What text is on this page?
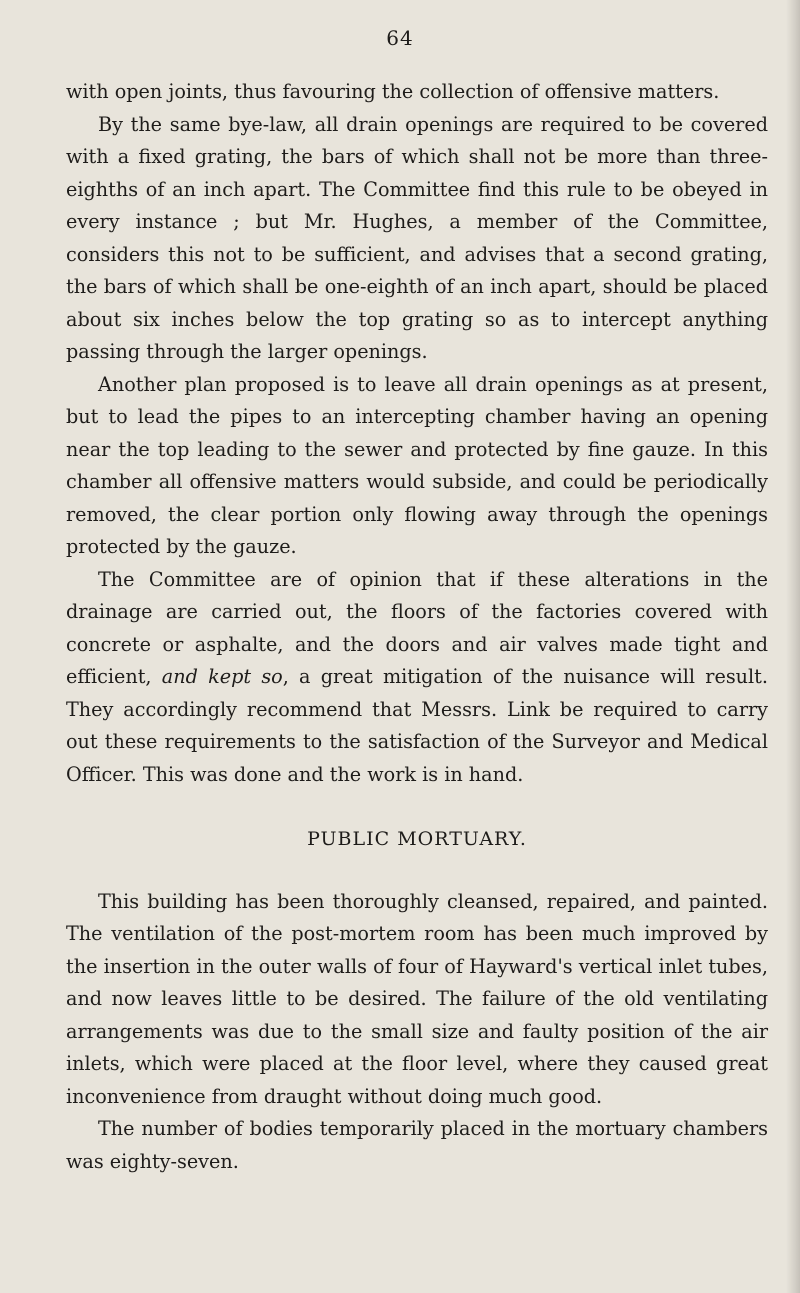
64

with open joints, thus favouring the collection of offensive matters.

By the same bye-law, all drain openings are required to be covered with a fixed grating, the bars of which shall not be more than three-eighths of an inch apart. The Committee find this rule to be obeyed in every instance ; but Mr. Hughes, a member of the Committee, considers this not to be sufficient, and advises that a second grating, the bars of which shall be one-eighth of an inch apart, should be placed about six inches below the top grating so as to intercept anything passing through the larger openings.

Another plan proposed is to leave all drain openings as at present, but to lead the pipes to an intercepting chamber having an opening near the top leading to the sewer and protected by fine gauze. In this chamber all offensive matters would subside, and could be periodically removed, the clear portion only flowing away through the openings protected by the gauze.

The Committee are of opinion that if these alterations in the drainage are carried out, the floors of the factories covered with concrete or asphalte, and the doors and air valves made tight and efficient, and kept so, a great mitigation of the nuisance will result. They accordingly recommend that Messrs. Link be required to carry out these requirements to the satisfaction of the Surveyor and Medical Officer. This was done and the work is in hand.

PUBLIC MORTUARY.

This building has been thoroughly cleansed, repaired, and painted. The ventilation of the post-mortem room has been much improved by the insertion in the outer walls of four of Hayward's vertical inlet tubes, and now leaves little to be desired. The failure of the old ventilating arrangements was due to the small size and faulty position of the air inlets, which were placed at the floor level, where they caused great inconvenience from draught without doing much good.

The number of bodies temporarily placed in the mortuary chambers was eighty-seven.
